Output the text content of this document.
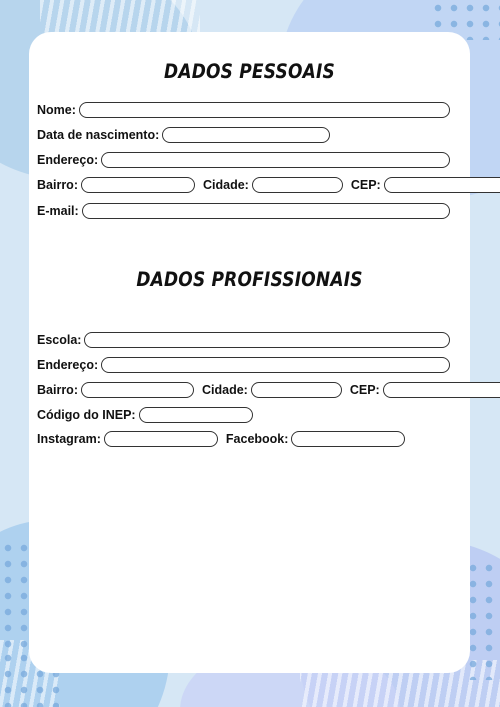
DADOS PESSOAIS
Nome:
Data de nascimento:
Endereço:
Bairro:	Cidade:	CEP:
E-mail:
DADOS PROFISSIONAIS
Escola:
Endereço:
Bairro:	Cidade:	CEP:
Código do INEP:
Instagram:	Facebook:
